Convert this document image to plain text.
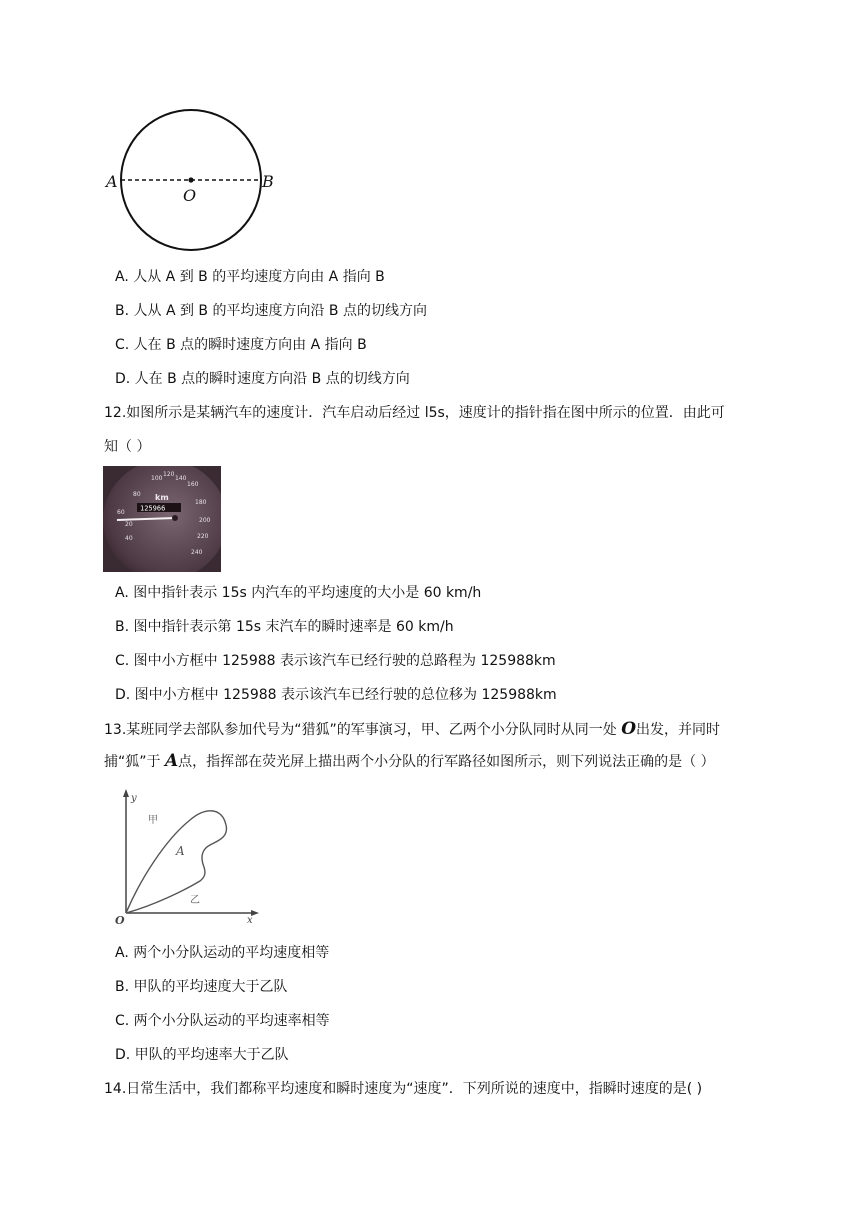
A
O
B
A. 人从 A 到 B 的平均速度方向由 A 指向 B
B. 人从 A 到 B 的平均速度方向沿 B 点的切线方向
C. 人在 B 点的瞬时速度方向由 A 指向 B
D. 人在 B 点的瞬时速度方向沿 B 点的切线方向
12.如图所示是某辆汽车的速度计．汽车启动后经过 l5s，速度计的指针指在图中所示的位置．由此可
知（ ）
20
40
60
80
100
120
140
160
180
200
220
240
km
125966
A. 图中指针表示 15s 内汽车的平均速度的大小是 60 km/h
B. 图中指针表示第 15s 末汽车的瞬时速率是 60 km/h
C. 图中小方框中 125988 表示该汽车已经行驶的总路程为 125988km
D. 图中小方框中 125988 表示该汽车已经行驶的总位移为 125988km
13.某班同学去部队参加代号为“猎狐”的军事演习，甲、乙两个小分队同时从同一处 O出发，并同时
捕“狐”于 A点，指挥部在荧光屏上描出两个小分队的行军路径如图所示，则下列说法正确的是（ ）
y
x
O
甲
A
乙
A. 两个小分队运动的平均速度相等
B. 甲队的平均速度大于乙队
C. 两个小分队运动的平均速率相等
D. 甲队的平均速率大于乙队
14.日常生活中，我们都称平均速度和瞬时速度为“速度”．下列所说的速度中，指瞬时速度的是( )
